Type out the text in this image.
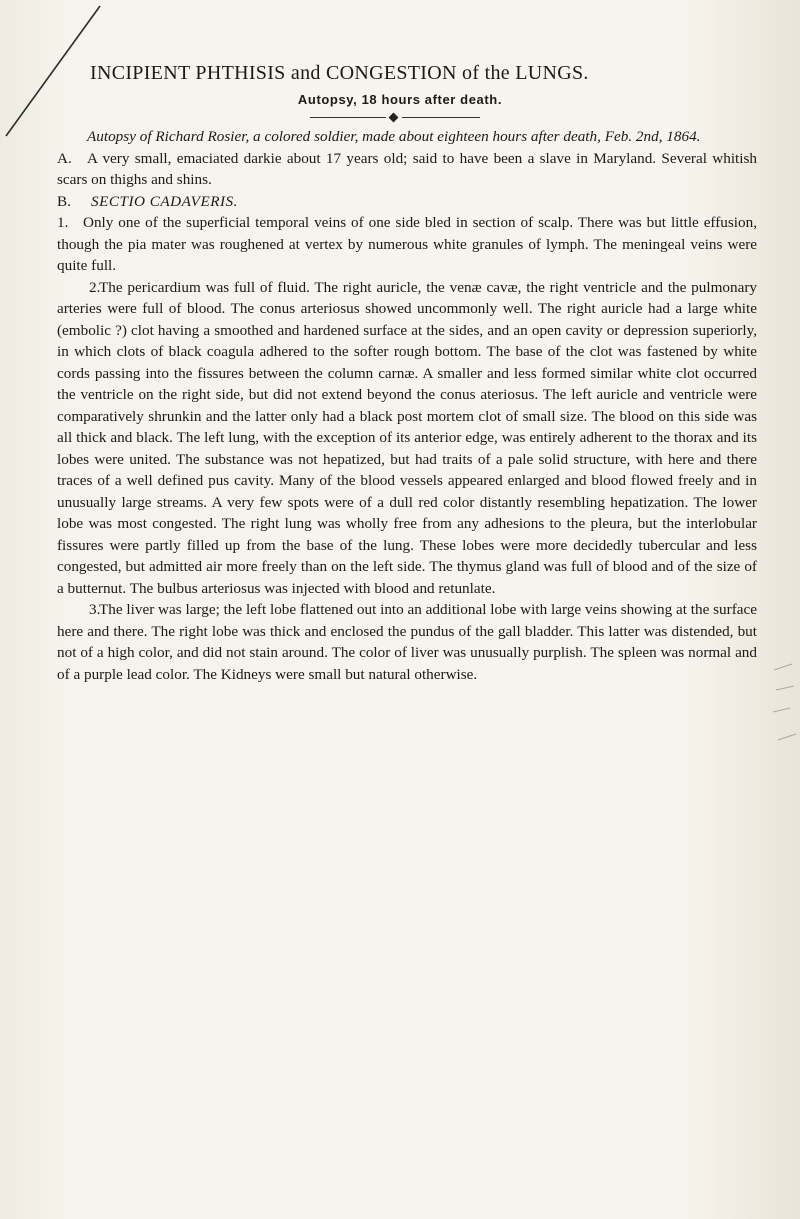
INCIPIENT PHTHISIS and CONGESTION of the LUNGS.
Autopsy, 18 hours after death.

Autopsy of Richard Rosier, a colored soldier, made about eighteen hours after death, Feb. 2nd, 1864.

A. A very small, emaciated darkie about 17 years old; said to have been a slave in Maryland. Several whitish scars on thighs and shins.

B. SECTIO CADAVERIS.

1. Only one of the superficial temporal veins of one side bled in section of scalp. There was but little effusion, though the pia mater was roughened at vertex by numerous white granules of lymph. The meningeal veins were quite full.

2.The pericardium was full of fluid. The right auricle, the venæ cavæ, the right ventricle and the pulmonary arteries were full of blood. The conus arteriosus showed uncommonly well. The right auricle had a large white (embolic ?) clot having a smoothed and hardened surface at the sides, and an open cavity or depression superiorly, in which clots of black coagula adhered to the softer rough bottom. The base of the clot was fastened by white cords passing into the fissures between the column carnæ. A smaller and less formed similar white clot occurred the ventricle on the right side, but did not extend beyond the conus ateriosus. The left auricle and ventricle were comparatively shrunkin and the latter only had a black post mortem clot of small size. The blood on this side was all thick and black. The left lung, with the exception of its anterior edge, was entirely adherent to the thorax and its lobes were united. The substance was not hepatized, but had traits of a pale solid structure, with here and there traces of a well defined pus cavity. Many of the blood vessels appeared enlarged and blood flowed freely and in unusually large streams. A very few spots were of a dull red color distantly resembling hepatization. The lower lobe was most congested. The right lung was wholly free from any adhesions to the pleura, but the interlobular fissures were partly filled up from the base of the lung. These lobes were more decidedly tubercular and less congested, but admitted air more freely than on the left side. The thymus gland was full of blood and of the size of a butternut. The bulbus arteriosus was injected with blood and retunlate.

3.The liver was large; the left lobe flattened out into an additional lobe with large veins showing at the surface here and there. The right lobe was thick and enclosed the pundus of the gall bladder. This latter was distended, but not of a high color, and did not stain around. The color of liver was unusually purplish. The spleen was normal and of a purple lead color. The Kidneys were small but natural otherwise.
